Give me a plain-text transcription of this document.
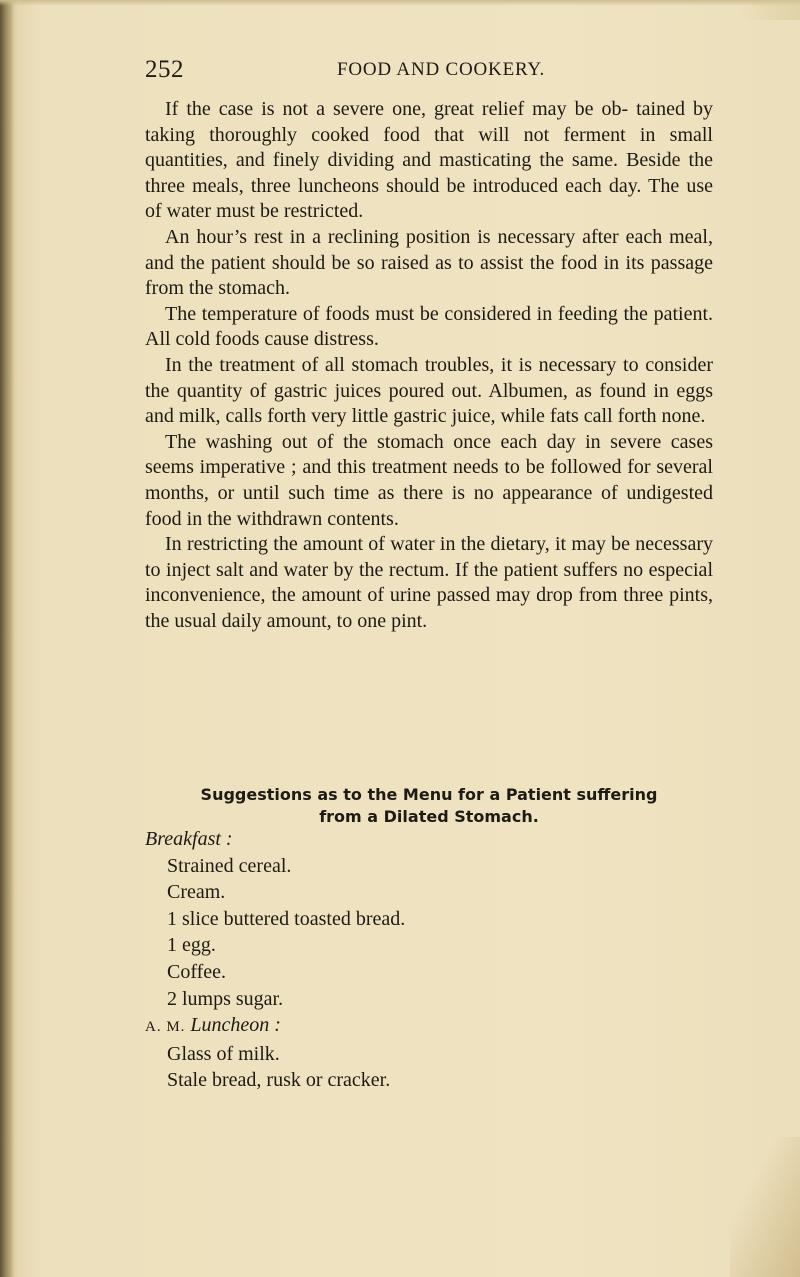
252	FOOD AND COOKERY.

If the case is not a severe one, great relief may be ob- tained by taking thoroughly cooked food that will not ferment in small quantities, and finely dividing and masticating the same. Beside the three meals, three luncheons should be introduced each day. The use of water must be restricted.

An hour’s rest in a reclining position is necessary after each meal, and the patient should be so raised as to assist the food in its passage from the stomach.

The temperature of foods must be considered in feeding the patient. All cold foods cause distress.

In the treatment of all stomach troubles, it is necessary to consider the quantity of gastric juices poured out. Albumen, as found in eggs and milk, calls forth very little gastric juice, while fats call forth none.

The washing out of the stomach once each day in severe cases seems imperative ; and this treatment needs to be followed for several months, or until such time as there is no appearance of undigested food in the withdrawn contents.

In restricting the amount of water in the dietary, it may be necessary to inject salt and water by the rectum. If the patient suffers no especial inconvenience, the amount of urine passed may drop from three pints, the usual daily amount, to one pint.

Suggestions as to the Menu for a Patient suffering
from a Dilated Stomach.
Breakfast :
Strained cereal.
Cream.
1 slice buttered toasted bread.
1 egg.
Coffee.
2 lumps sugar.
A. M. Luncheon :
Glass of milk.
Stale bread, rusk or cracker.
